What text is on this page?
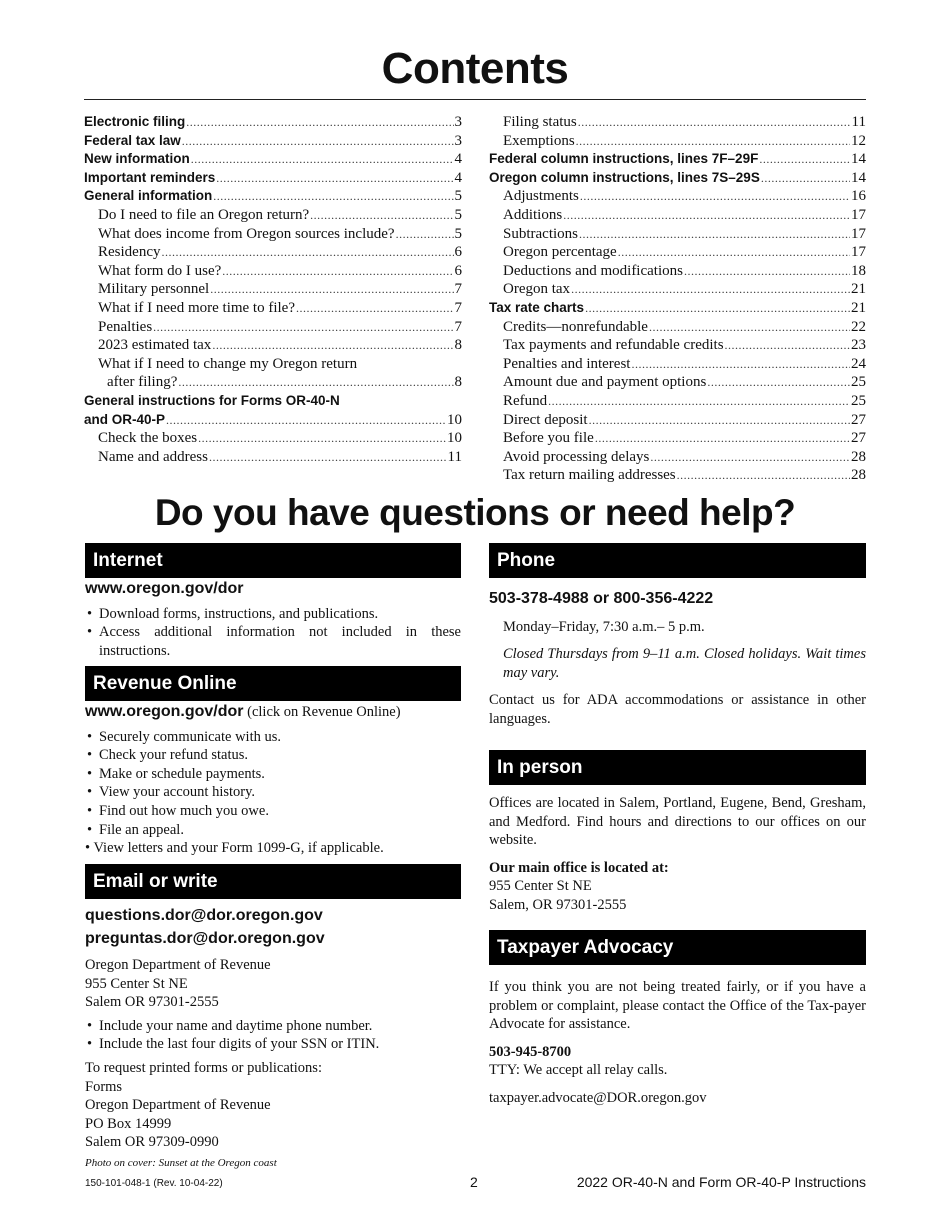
Contents
Electronic filing .....	3
Federal tax law .....	3
New information .....	4
Important reminders .....	4
General information .....	5
Do I need to file an Oregon return? .....	5
What does income from Oregon sources include? .....	5
Residency .....	6
What form do I use? .....	6
Military personnel .....	7
What if I need more time to file? .....	7
Penalties .....	7
2023 estimated tax .....	8
What if I need to change my Oregon return
after filing? .....	8
General instructions for Forms OR-40-N
and OR-40-P .....	10
Check the boxes .....	10
Name and address .....	11
Filing status .....	11
Exemptions .....	12
Federal column instructions, lines 7F–29F .....	14
Oregon column instructions, lines 7S–29S .....	14
Adjustments .....	16
Additions .....	17
Subtractions .....	17
Oregon percentage .....	17
Deductions and modifications .....	18
Oregon tax .....	21
Tax rate charts .....	21
Credits—nonrefundable .....	22
Tax payments and refundable credits .....	23
Penalties and interest .....	24
Amount due and payment options .....	25
Refund .....	25
Direct deposit .....	27
Before you file .....	27
Avoid processing delays .....	28
Tax return mailing addresses .....	28
Do you have questions or need help?
Internet
www.oregon.gov/dor
• Download forms, instructions, and publications.
• Access additional information not included in these instructions.
Revenue Online
www.oregon.gov/dor (click on Revenue Online)
• Securely communicate with us.
• Check your refund status.
• Make or schedule payments.
• View your account history.
• Find out how much you owe.
• File an appeal.
• View letters and your Form 1099-G, if applicable.
Email or write
questions.dor@dor.oregon.gov
preguntas.dor@dor.oregon.gov
Oregon Department of Revenue
955 Center St NE
Salem OR 97301-2555
• Include your name and daytime phone number.
• Include the last four digits of your SSN or ITIN.
To request printed forms or publications:
Forms
Oregon Department of Revenue
PO Box 14999
Salem OR 97309-0990
Phone
503-378-4988 or 800-356-4222
Monday–Friday, 7:30 a.m.– 5 p.m.
Closed Thursdays from 9–11 a.m. Closed holidays. Wait times may vary.
Contact us for ADA accommodations or assistance in other languages.
In person
Offices are located in Salem, Portland, Eugene, Bend, Gresham, and Medford. Find hours and directions to our offices on our website.
Our main office is located at:
955 Center St NE
Salem, OR 97301-2555
Taxpayer Advocacy
If you think you are not being treated fairly, or if you have a problem or complaint, please contact the Office of the Tax-payer Advocate for assistance.
503-945-8700
TTY: We accept all relay calls.
taxpayer.advocate@DOR.oregon.gov
Photo on cover: Sunset at the Oregon coast
150-101-048-1 (Rev. 10-04-22)	2	2022 OR-40-N and Form OR-40-P Instructions
